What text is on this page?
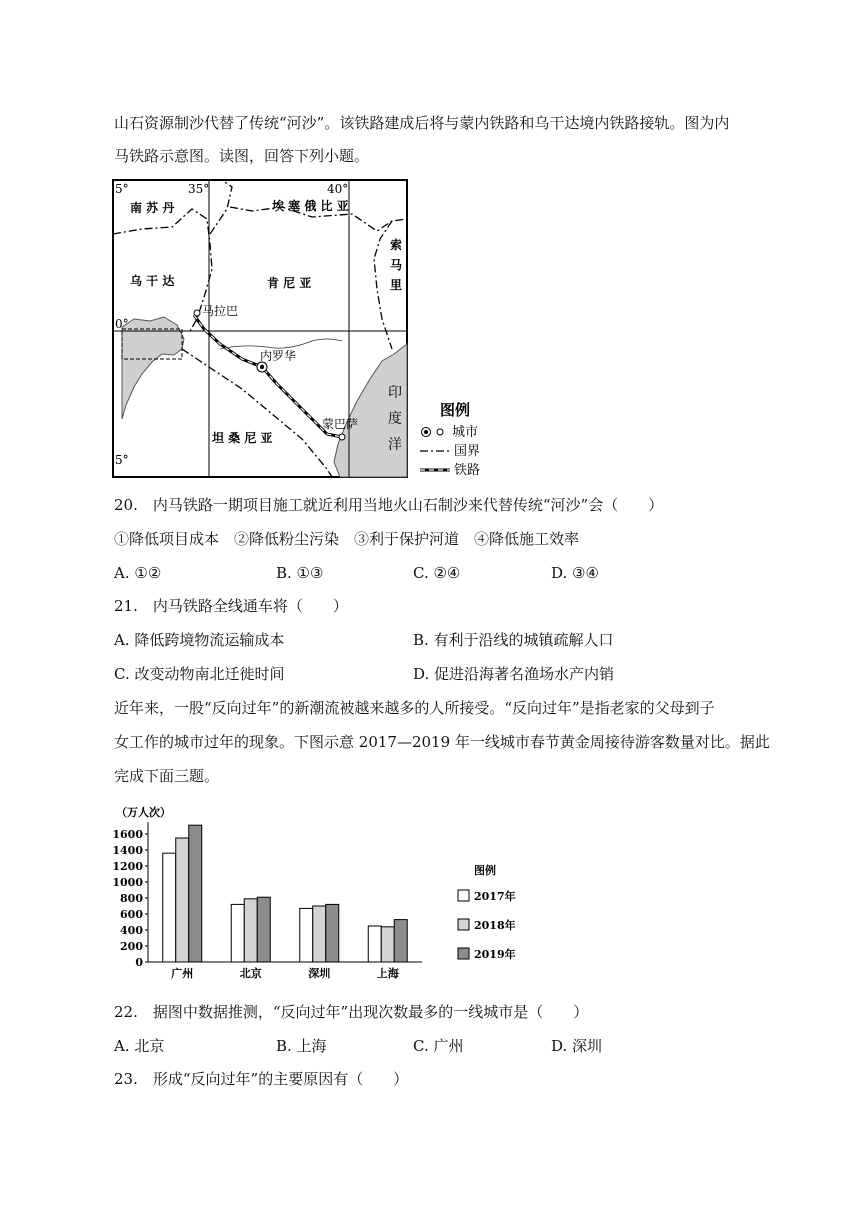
山石资源制沙代替了传统“河沙”。该铁路建成后将与蒙内铁路和乌干达境内铁路接轨。图为内
马铁路示意图。读图，回答下列小题。
5°	35°	40°
0°
5°
南 苏 丹	埃 塞 俄 比 亚
乌 干 达	肯 尼 亚
索
马
里
坦 桑 尼 亚
印
度
洋
马拉巴
内罗华
蒙巴萨
图例
城市
国界
铁路
20.　内马铁路一期项目施工就近利用当地火山石制沙来代替传统“河沙”会（　　）
①降低项目成本　②降低粉尘污染　③利于保护河道　④降低施工效率
A. ①②	B. ①③	C. ②④	D. ③④
21.　内马铁路全线通车将（　　）
A. 降低跨境物流运输成本	B. 有利于沿线的城镇疏解人口
C. 改变动物南北迁徙时间	D. 促进沿海著名渔场水产内销
近年来，一股“反向过年”的新潮流被越来越多的人所接受。“反向过年”是指老家的父母到子
女工作的城市过年的现象。下图示意 2017—2019 年一线城市春节黄金周接待游客数量对比。据此
完成下面三题。
（万人次）
0
200
400
600
800
1000
1200
1400
1600
广州	北京	深圳	上海
图例
2017年
2018年
2019年
22.　据图中数据推测，“反向过年”出现次数最多的一线城市是（　　）
A. 北京	B. 上海	C. 广州	D. 深圳
23.　形成“反向过年”的主要原因有（　　）
